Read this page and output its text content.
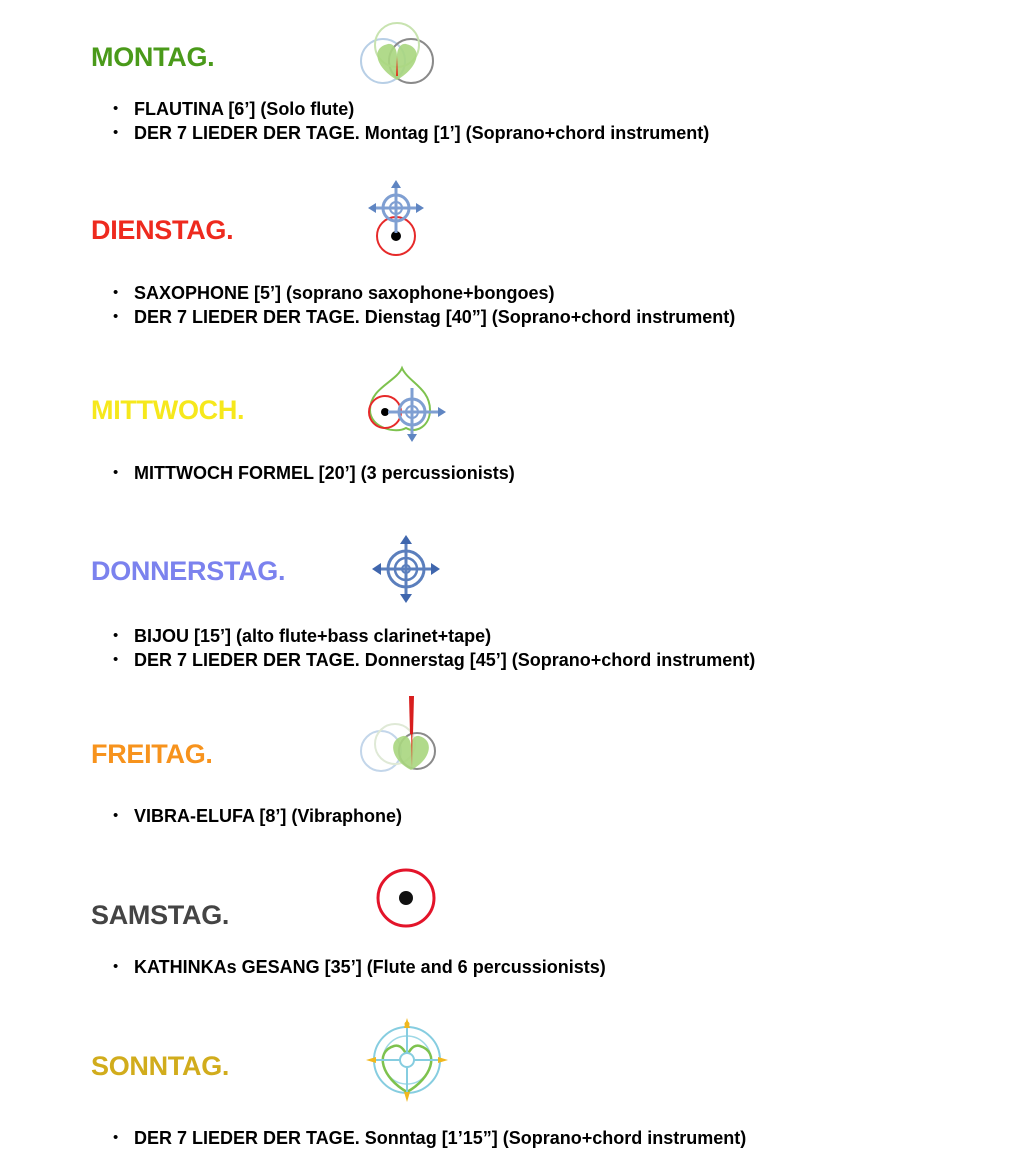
MONTAG.
• FLAUTINA [6’] (Solo flute)
• DER 7 LIEDER DER TAGE. Montag [1’] (Soprano+chord instrument)
DIENSTAG.
• SAXOPHONE [5’] (soprano saxophone+bongoes)
• DER 7 LIEDER DER TAGE. Dienstag [40”] (Soprano+chord instrument)
MITTWOCH.
• MITTWOCH FORMEL [20’] (3 percussionists)
DONNERSTAG.
• BIJOU [15’] (alto flute+bass clarinet+tape)
• DER 7 LIEDER DER TAGE. Donnerstag [45’] (Soprano+chord instrument)
FREITAG.
• VIBRA-ELUFA [8’] (Vibraphone)
SAMSTAG.
• KATHINKAs GESANG [35’] (Flute and 6 percussionists)
SONNTAG.
• DER 7 LIEDER DER TAGE. Sonntag [1’15”] (Soprano+chord instrument)
